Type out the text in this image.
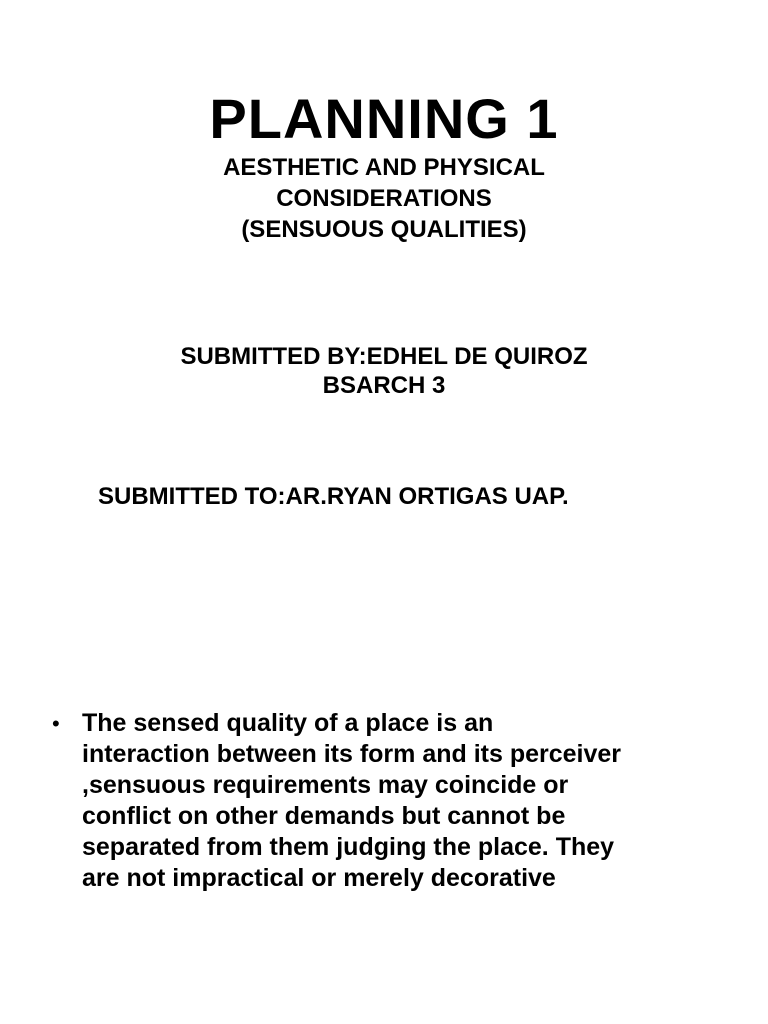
PLANNING 1
AESTHETIC AND PHYSICAL
CONSIDERATIONS
(SENSUOUS QUALITIES)
SUBMITTED BY:EDHEL DE QUIROZ
BSARCH 3
SUBMITTED TO:AR.RYAN ORTIGAS UAP.
• The sensed quality of a place is an
interaction between its form and its perceiver
,sensuous requirements may coincide or
conflict on other demands but cannot be
separated from them judging the place. They
are not impractical or merely decorative
